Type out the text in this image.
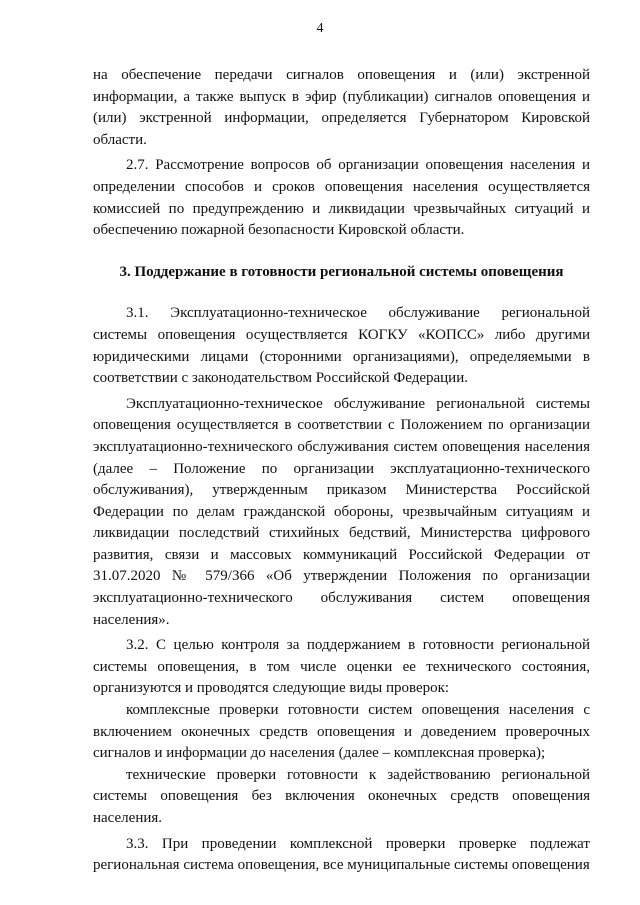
4

на обеспечение передачи сигналов оповещения и (или) экстренной информации, а также выпуск в эфир (публикации) сигналов оповещения и (или) экстренной информации, определяется Губернатором Кировской области.

2.7. Рассмотрение вопросов об организации оповещения населения и определении способов и сроков оповещения населения осуществляется комиссией по предупреждению и ликвидации чрезвычайных ситуаций и обеспечению пожарной безопасности Кировской области.

3. Поддержание в готовности региональной системы оповещения

3.1. Эксплуатационно-техническое обслуживание региональной системы оповещения осуществляется КОГКУ «КОПСС» либо другими юридическими лицами (сторонними организациями), определяемыми в соответствии с законодательством Российской Федерации.

Эксплуатационно-техническое обслуживание региональной системы оповещения осуществляется в соответствии с Положением по организации эксплуатационно-технического обслуживания систем оповещения населения (далее – Положение по организации эксплуатационно-технического обслуживания), утвержденным приказом Министерства Российской Федерации по делам гражданской обороны, чрезвычайным ситуациям и ликвидации последствий стихийных бедствий, Министерства цифрового развития, связи и массовых коммуникаций Российской Федерации от 31.07.2020 № 579/366 «Об утверждении Положения по организации эксплуатационно-технического обслуживания систем оповещения населения».

3.2. С целью контроля за поддержанием в готовности региональной системы оповещения, в том числе оценки ее технического состояния, организуются и проводятся следующие виды проверок:

комплексные проверки готовности систем оповещения населения с включением оконечных средств оповещения и доведением проверочных сигналов и информации до населения (далее – комплексная проверка);

технические проверки готовности к задействованию региональной системы оповещения без включения оконечных средств оповещения населения.

3.3. При проведении комплексной проверки проверке подлежат региональная система оповещения, все муниципальные системы оповещения
